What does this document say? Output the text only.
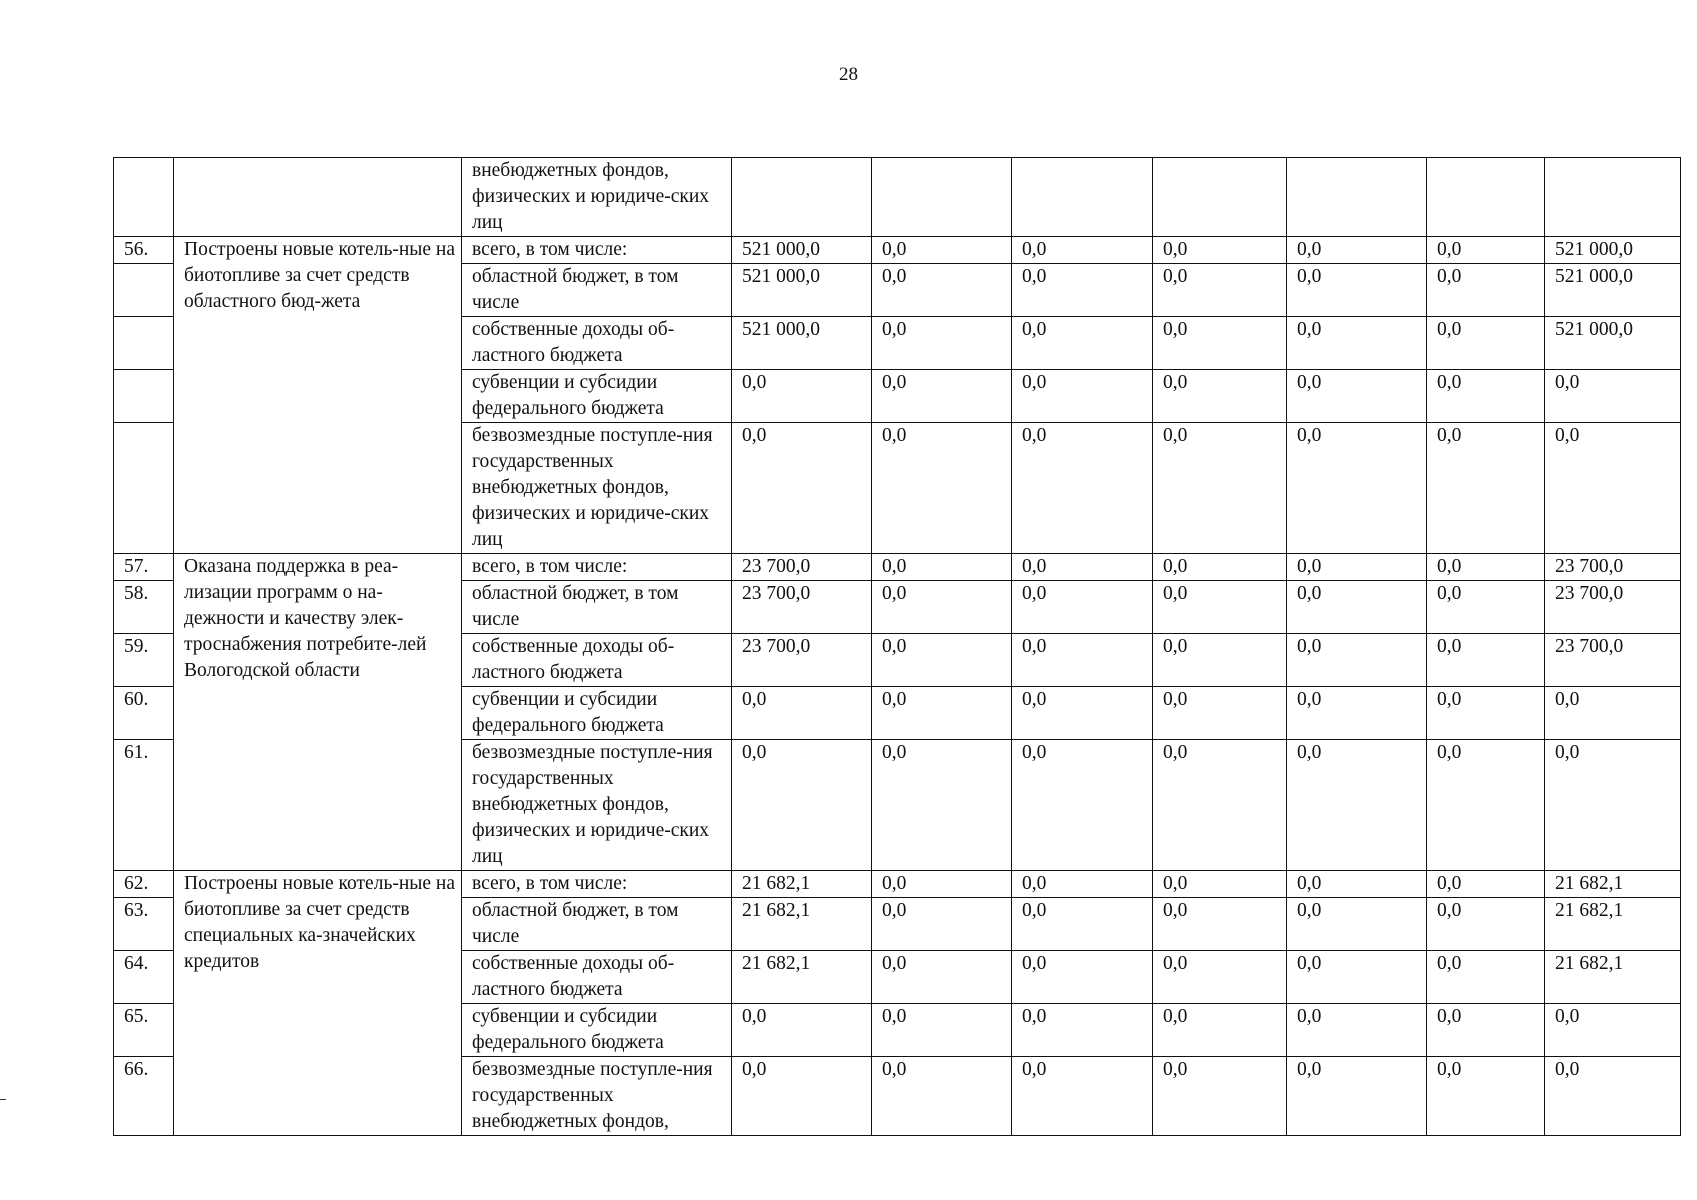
28
		внебюджетных фондов, физических и юридиче-ских лиц							
56.	Построены новые котель-ные на биотопливе за счет средств областного бюд-жета	всего, в том числе:	521 000,0	0,0	0,0	0,0	0,0	0,0	521 000,0
		областной бюджет, в том числе	521 000,0	0,0	0,0	0,0	0,0	0,0	521 000,0
		собственные доходы об-ластного бюджета	521 000,0	0,0	0,0	0,0	0,0	0,0	521 000,0
		субвенции и субсидии федерального бюджета	0,0	0,0	0,0	0,0	0,0	0,0	0,0
		безвозмездные поступле-ния государственных внебюджетных фондов, физических и юридиче-ских лиц	0,0	0,0	0,0	0,0	0,0	0,0	0,0
57.	Оказана поддержка в реа-лизации программ о на-дежности и качеству элек-троснабжения потребите-лей Вологодской области	всего, в том числе:	23 700,0	0,0	0,0	0,0	0,0	0,0	23 700,0
58.		областной бюджет, в том числе	23 700,0	0,0	0,0	0,0	0,0	0,0	23 700,0
59.		собственные доходы об-ластного бюджета	23 700,0	0,0	0,0	0,0	0,0	0,0	23 700,0
60.		субвенции и субсидии федерального бюджета	0,0	0,0	0,0	0,0	0,0	0,0	0,0
61.		безвозмездные поступле-ния государственных внебюджетных фондов, физических и юридиче-ских лиц	0,0	0,0	0,0	0,0	0,0	0,0	0,0
62.	Построены новые котель-ные на биотопливе за счет средств специальных ка-значейских кредитов	всего, в том числе:	21 682,1	0,0	0,0	0,0	0,0	0,0	21 682,1
63.		областной бюджет, в том числе	21 682,1	0,0	0,0	0,0	0,0	0,0	21 682,1
64.		собственные доходы об-ластного бюджета	21 682,1	0,0	0,0	0,0	0,0	0,0	21 682,1
65.		субвенции и субсидии федерального бюджета	0,0	0,0	0,0	0,0	0,0	0,0	0,0
66.		безвозмездные поступле-ния государственных внебюджетных фондов,	0,0	0,0	0,0	0,0	0,0	0,0	0,0
